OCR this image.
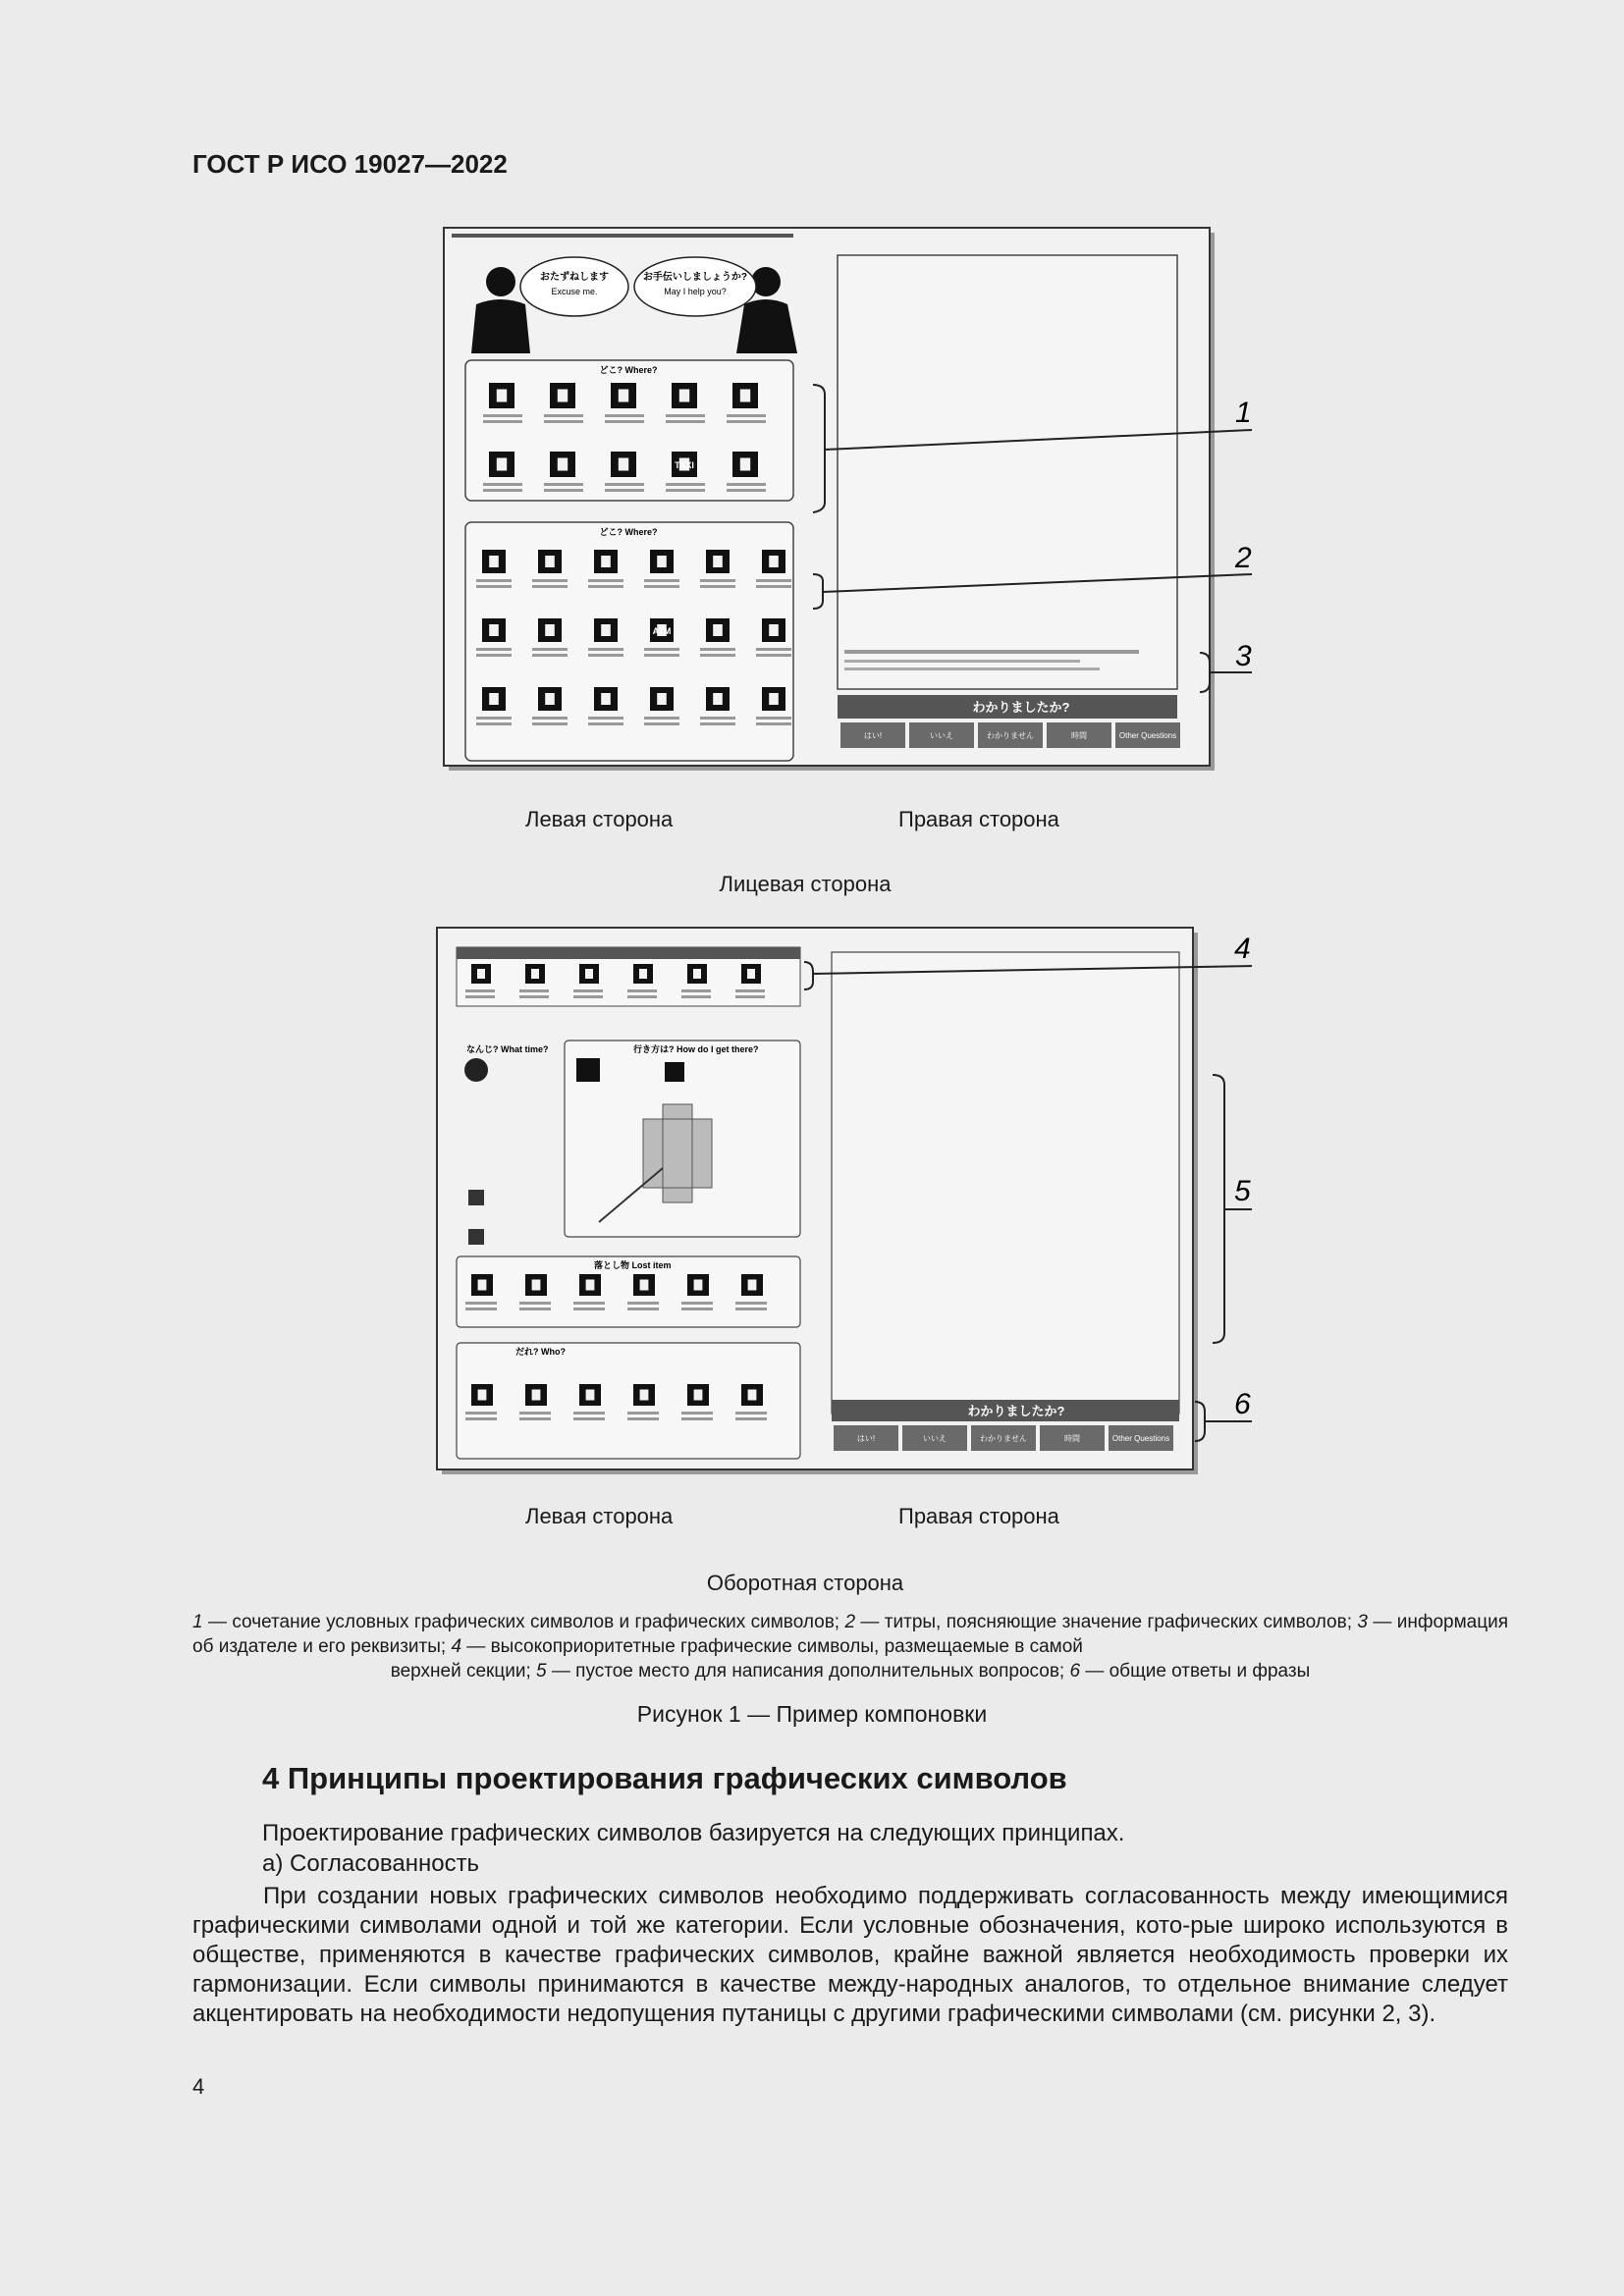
ГОСТ Р ИСО 19027—2022
おたずねします
Excuse me.
お手伝いしましょうか?
May I help you?
どこ? Where?
TAXI
どこ? Where?
ATM
わかりましたか?
はい!	いいえ	わかりません	時間	Other Questions
1
2
3
Левая сторона	Правая сторона
Лицевая сторона
なんじ? What time?	行き方は? How do I get there?
落とし物 Lost item
だれ? Who?
わかりましたか?
はい!	いいえ	わかりません	時間	Other Questions
4
5
6
Левая сторона	Правая сторона
Оборотная сторона
1 — сочетание условных графических символов и графических символов; 2 — титры, поясняющие значение графических символов; 3 — информация об издателе и его реквизиты; 4 — высокоприоритетные графические символы, размещаемые в самой
верхней секции; 5 — пустое место для написания дополнительных вопросов; 6 — общие ответы и фразы
Рисунок 1 — Пример компоновки
4 Принципы проектирования графических символов
Проектирование графических символов базируется на следующих принципах.
a) Согласованность
При создании новых графических символов необходимо поддерживать согласованность между имеющимися графическими символами одной и той же категории. Если условные обозначения, кото-рые широко используются в обществе, применяются в качестве графических символов, крайне важной является необходимость проверки их гармонизации. Если символы принимаются в качестве между-народных аналогов, то отдельное внимание следует акцентировать на необходимости недопущения путаницы с другими графическими символами (см. рисунки 2, 3).
4
